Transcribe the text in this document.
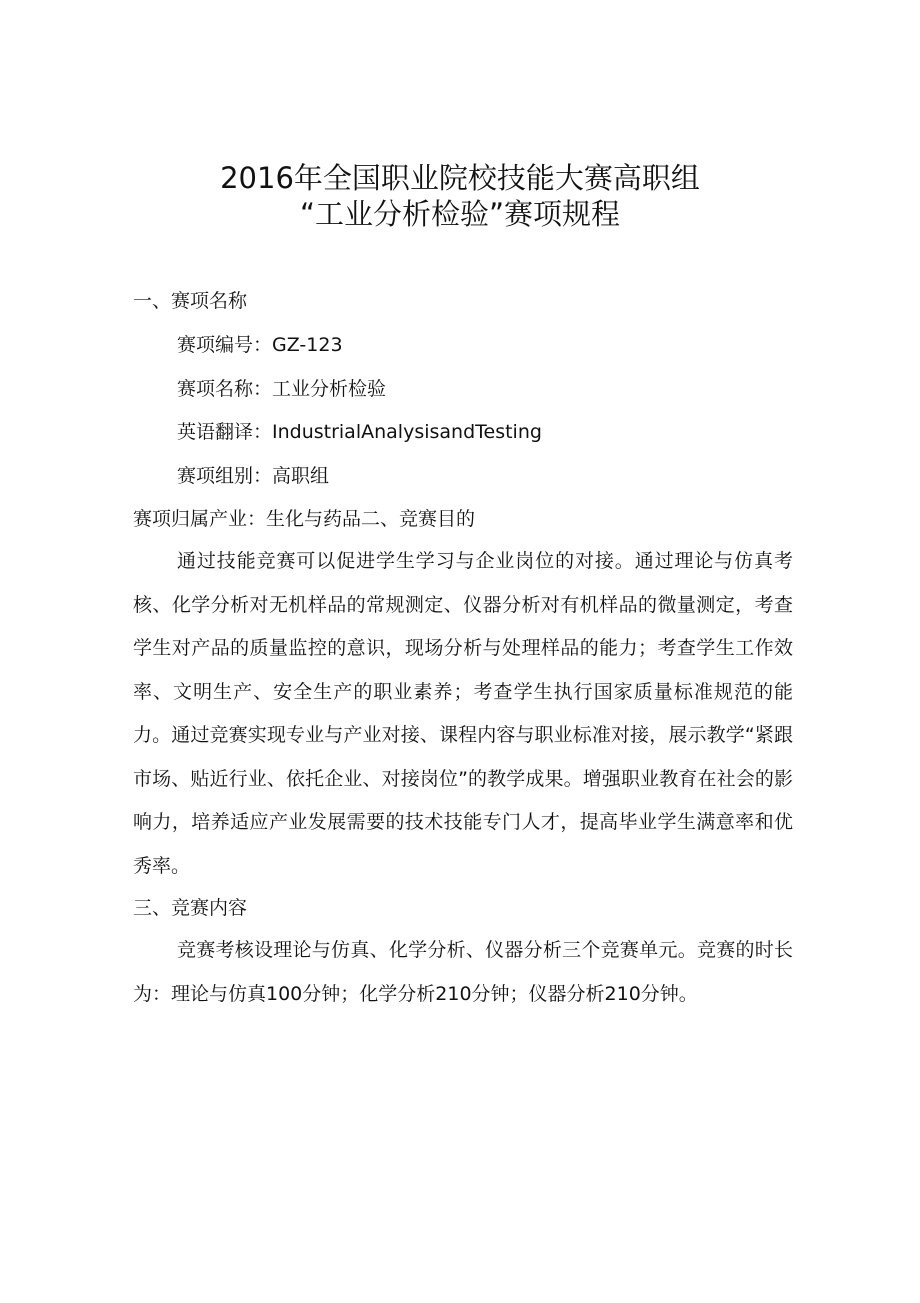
2016年全国职业院校技能大赛高职组
“工业分析检验”赛项规程
一、赛项名称
赛项编号：GZ-123
赛项名称：工业分析检验
英语翻译：IndustrialAnalysisandTesting
赛项组别：高职组
赛项归属产业：生化与药品二、竞赛目的

通过技能竞赛可以促进学生学习与企业岗位的对接。通过理论与仿真考核、化学分析对无机样品的常规测定、仪器分析对有机样品的微量测定，考查学生对产品的质量监控的意识，现场分析与处理样品的能力；考查学生工作效率、文明生产、安全生产的职业素养；考查学生执行国家质量标准规范的能力。通过竞赛实现专业与产业对接、课程内容与职业标准对接，展示教学“紧跟市场、贴近行业、依托企业、对接岗位”的教学成果。增强职业教育在社会的影响力，培养适应产业发展需要的技术技能专门人才，提高毕业学生满意率和优秀率。

三、竞赛内容

竞赛考核设理论与仿真、化学分析、仪器分析三个竞赛单元。竞赛的时长为：理论与仿真100分钟；化学分析210分钟；仪器分析210分钟。
